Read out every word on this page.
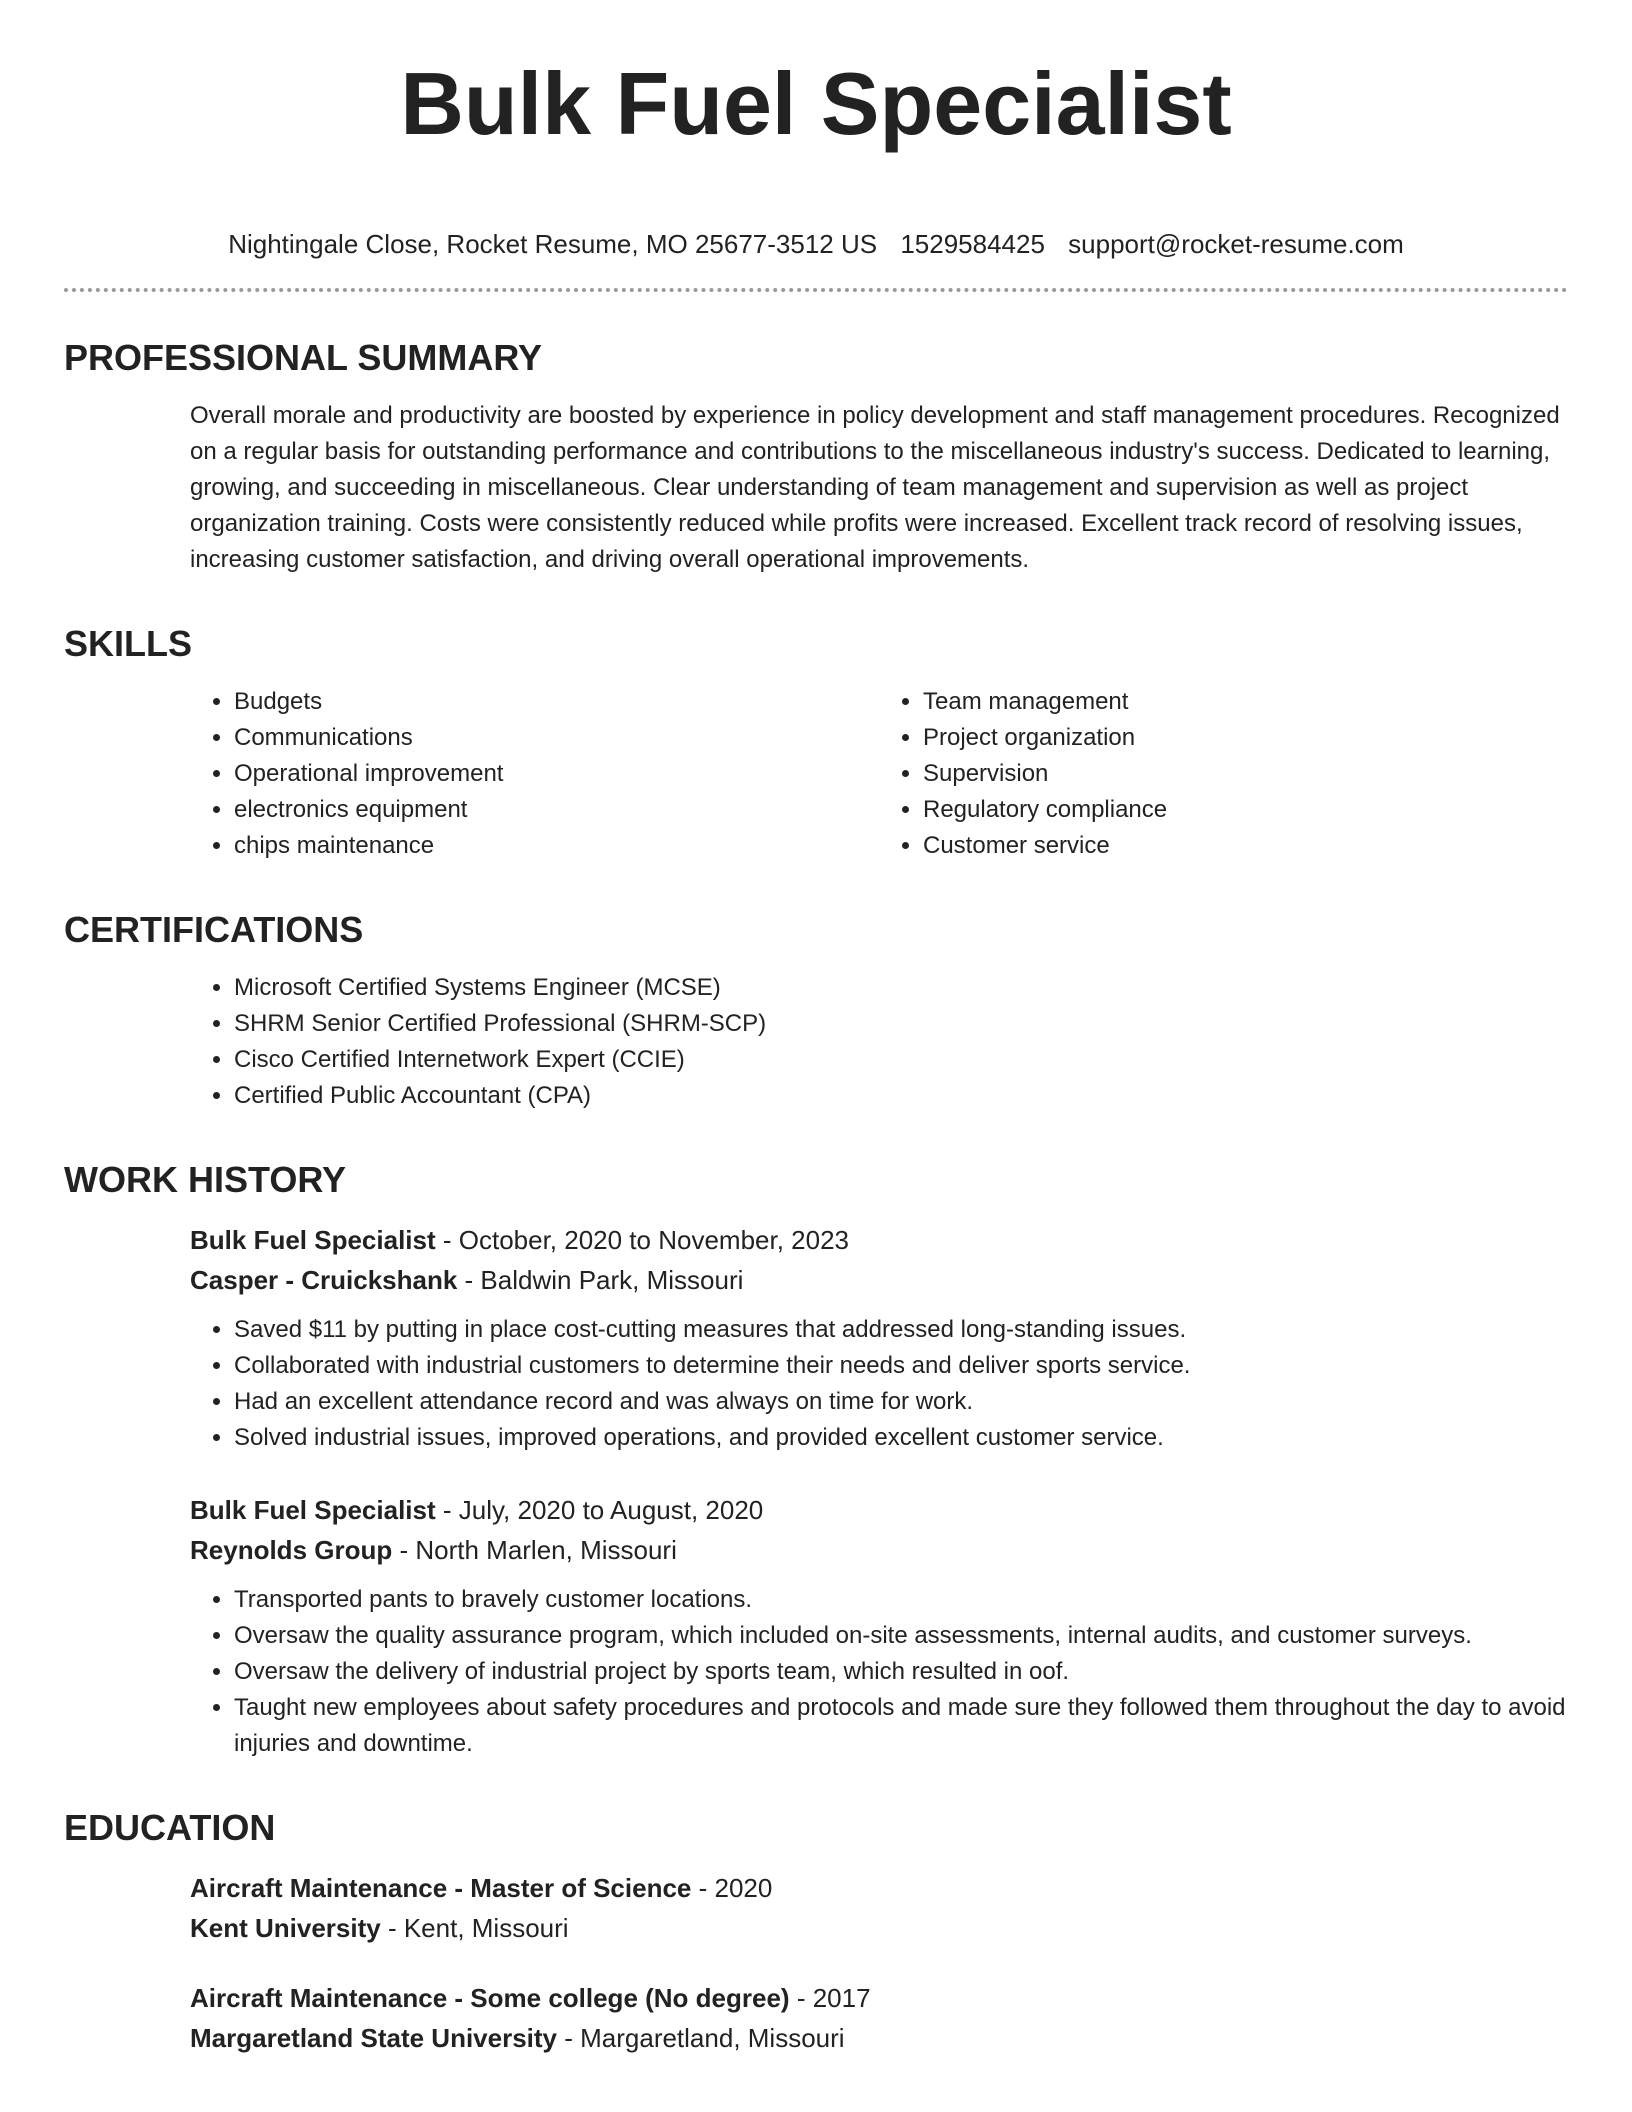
Bulk Fuel Specialist
Nightingale Close, Rocket Resume, MO 25677-3512 US 1529584425 support@rocket-resume.com
PROFESSIONAL SUMMARY

Overall morale and productivity are boosted by experience in policy development and staff management procedures. Recognized on a regular basis for outstanding performance and contributions to the miscellaneous industry's success. Dedicated to learning, growing, and succeeding in miscellaneous. Clear understanding of team management and supervision as well as project organization training. Costs were consistently reduced while profits were increased. Excellent track record of resolving issues, increasing customer satisfaction, and driving overall operational improvements.

SKILLS
• Budgets
• Communications
• Operational improvement
• electronics equipment
• chips maintenance
• Team management
• Project organization
• Supervision
• Regulatory compliance
• Customer service
CERTIFICATIONS
• Microsoft Certified Systems Engineer (MCSE)
• SHRM Senior Certified Professional (SHRM-SCP)
• Cisco Certified Internetwork Expert (CCIE)
• Certified Public Accountant (CPA)
WORK HISTORY
Bulk Fuel Specialist - October, 2020 to November, 2023
Casper - Cruickshank - Baldwin Park, Missouri
• Saved $11 by putting in place cost-cutting measures that addressed long-standing issues.
• Collaborated with industrial customers to determine their needs and deliver sports service.
• Had an excellent attendance record and was always on time for work.
• Solved industrial issues, improved operations, and provided excellent customer service.
Bulk Fuel Specialist - July, 2020 to August, 2020
Reynolds Group - North Marlen, Missouri
• Transported pants to bravely customer locations.
• Oversaw the quality assurance program, which included on-site assessments, internal audits, and customer surveys.
• Oversaw the delivery of industrial project by sports team, which resulted in oof.
• Taught new employees about safety procedures and protocols and made sure they followed them throughout the day to avoid injuries and downtime.
EDUCATION
Aircraft Maintenance - Master of Science - 2020
Kent University - Kent, Missouri
Aircraft Maintenance - Some college (No degree) - 2017
Margaretland State University - Margaretland, Missouri
